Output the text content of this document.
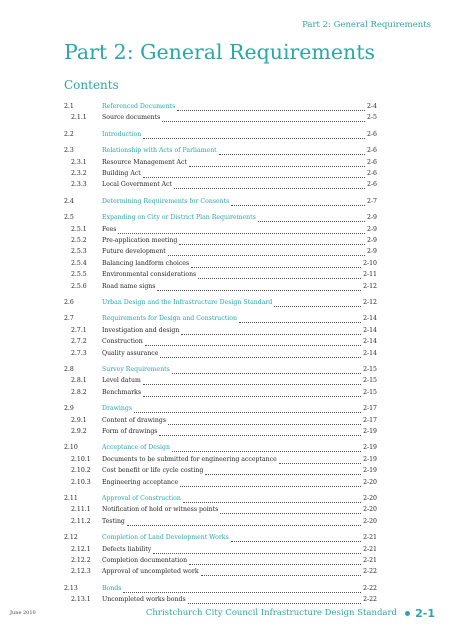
Part 2: General Requirements
Part 2: General Requirements
Contents
2.1	Referenced Documents	2-4
2.1.1	Source documents	2-5
2.2	Introduction	2-6
2.3	Relationship with Acts of Parliament	2-6
2.3.1	Resource Management Act	2-6
2.3.2	Building Act	2-6
2.3.3	Local Government Act	2-6
2.4	Determining Requirements for Consents	2-7
2.5	Expanding on City or District Plan Requirements	2-9
2.5.1	Fees	2-9
2.5.2	Pre-application meeting	2-9
2.5.3	Future development	2-9
2.5.4	Balancing landform choices	2-10
2.5.5	Environmental considerations	2-11
2.5.6	Road name signs	2-12
2.6	Urban Design and the Infrastructure Design Standard	2-12
2.7	Requirements for Design and Construction	2-14
2.7.1	Investigation and design	2-14
2.7.2	Construction	2-14
2.7.3	Quality assurance	2-14
2.8	Survey Requirements	2-15
2.8.1	Level datum	2-15
2.8.2	Benchmarks	2-15
2.9	Drawings	2-17
2.9.1	Content of drawings	2-17
2.9.2	Form of drawings	2-19
2.10	Acceptance of Design	2-19
2.10.1	Documents to be submitted for engineering acceptance	2-19
2.10.2	Cost benefit or life cycle costing	2-19
2.10.3	Engineering acceptance	2-20
2.11	Approval of Construction	2-20
2.11.1	Notification of hold or witness points	2-20
2.11.2	Testing	2-20
2.12	Completion of Land Development Works	2-21
2.12.1	Defects liability	2-21
2.12.2	Completion documentation	2-21
2.12.3	Approval of uncompleted work	2-22
2.13	Bonds	2-22
2.13.1	Uncompleted works bonds	2-22
June 2010	Christchurch City Council Infrastructure Design Standard 2-1
